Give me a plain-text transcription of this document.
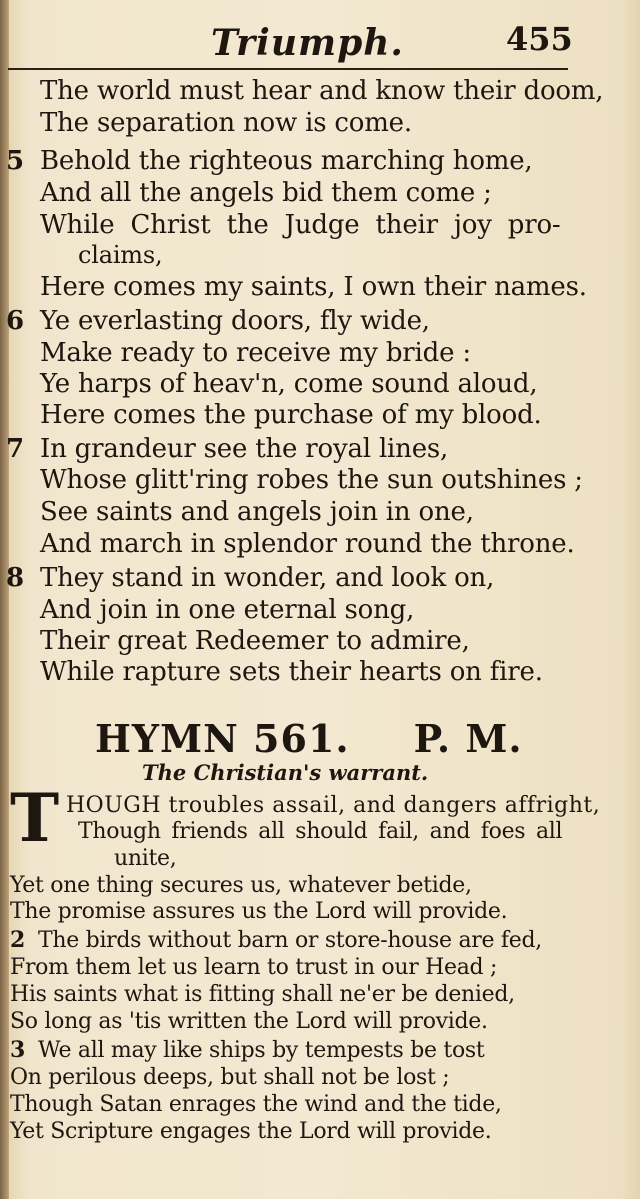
Triumph.	455
The world must hear and know their doom,
The separation now is come.
5 Behold the righteous marching home,
And all the angels bid them come ;
While Christ the Judge their joy pro-
claims,
Here comes my saints, I own their names.
6 Ye everlasting doors, fly wide,
Make ready to receive my bride :
Ye harps of heav'n, come sound aloud,
Here comes the purchase of my blood.
7 In grandeur see the royal lines,
Whose glitt'ring robes the sun outshines ;
See saints and angels join in one,
And march in splendor round the throne.
8 They stand in wonder, and look on,
And join in one eternal song,
Their great Redeemer to admire,
While rapture sets their hearts on fire.
HYMN 561. P. M.
The Christian's warrant.
T HOUGH troubles assail, and dangers affright,
Though friends all should fail, and foes all
unite,
Yet one thing secures us, whatever betide,
The promise assures us the Lord will provide.
2 The birds without barn or store-house are fed,
From them let us learn to trust in our Head ;
His saints what is fitting shall ne'er be denied,
So long as 'tis written the Lord will provide.
3 We all may like ships by tempests be tost
On perilous deeps, but shall not be lost ;
Though Satan enrages the wind and the tide,
Yet Scripture engages the Lord will provide.
